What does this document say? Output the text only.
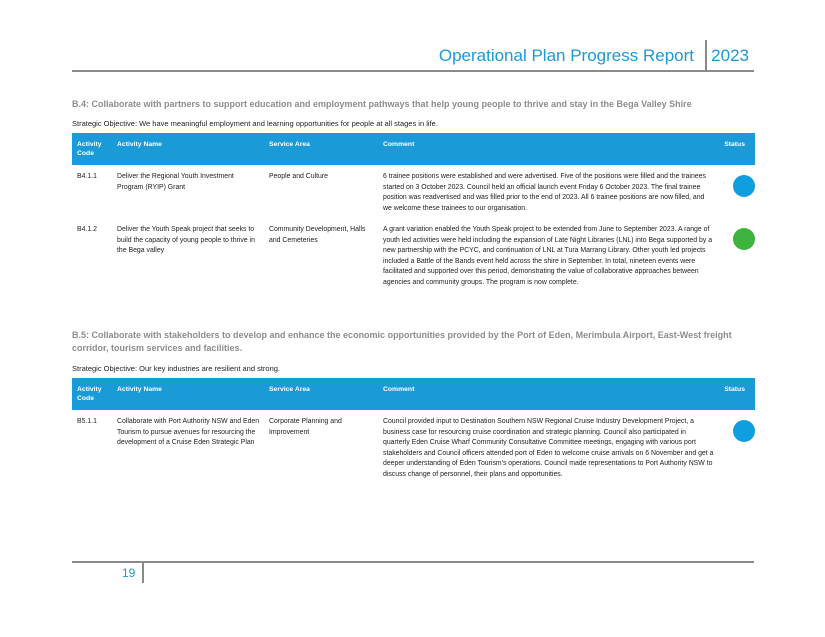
Operational Plan Progress Report 2023
B.4: Collaborate with partners to support education and employment pathways that help young people to thrive and stay in the Bega Valley Shire
Strategic Objective: We have meaningful employment and learning opportunities for people at all stages in life.
Activity Code	Activity Name	Service Area	Comment	Status
B4.1.1	Deliver the Regional Youth Investment Program (RYIP) Grant	People and Culture	6 trainee positions were established and were advertised. Five of the positions were filled and the trainees started on 3 October 2023. Council held an official launch event Friday 6 October 2023. The final trainee position was readvertised and was filled prior to the end of 2023. All 6 trainee positions are now filled, and we welcome these trainees to our organisation.	

B4.1.2	Deliver the Youth Speak project that seeks to build the capacity of young people to thrive in the Bega valley	Community Development, Halls and Cemeteries	A grant variation enabled the Youth Speak project to be extended from June to September 2023. A range of youth led activities were held including the expansion of Late Night Libraries (LNL) into Bega supported by a new partnership with the PCYC, and continuation of LNL at Tura Marrang Library. Other youth led projects included a Battle of the Bands event held across the shire in September. In total, nineteen events were facilitated and supported over this period, demonstrating the value of collaborative approaches between agencies and community groups. The program is now complete.	
B.5: Collaborate with stakeholders to develop and enhance the economic opportunities provided by the Port of Eden, Merimbula Airport, East-West freight corridor, tourism services and facilities.
Strategic Objective: Our key industries are resilient and strong.
Activity Code	Activity Name	Service Area	Comment	Status
B5.1.1	Collaborate with Port Authority NSW and Eden Tourism to pursue avenues for resourcing the development of a Cruise Eden Strategic Plan	Corporate Planning and Improvement	Council provided input to Destination Southern NSW Regional Cruise Industry Development Project, a business case for resourcing cruise coordination and strategic planning. Council also participated in quarterly Eden Cruise Wharf Community Consultative Committee meetings, engaging with various port stakeholders and Council officers attended port of Eden to welcome cruise arrivals on 6 November and get a deeper understanding of Eden Tourism's operations. Council made representations to Port Authority NSW to discuss change of personnel, their plans and opportunities.	
19
